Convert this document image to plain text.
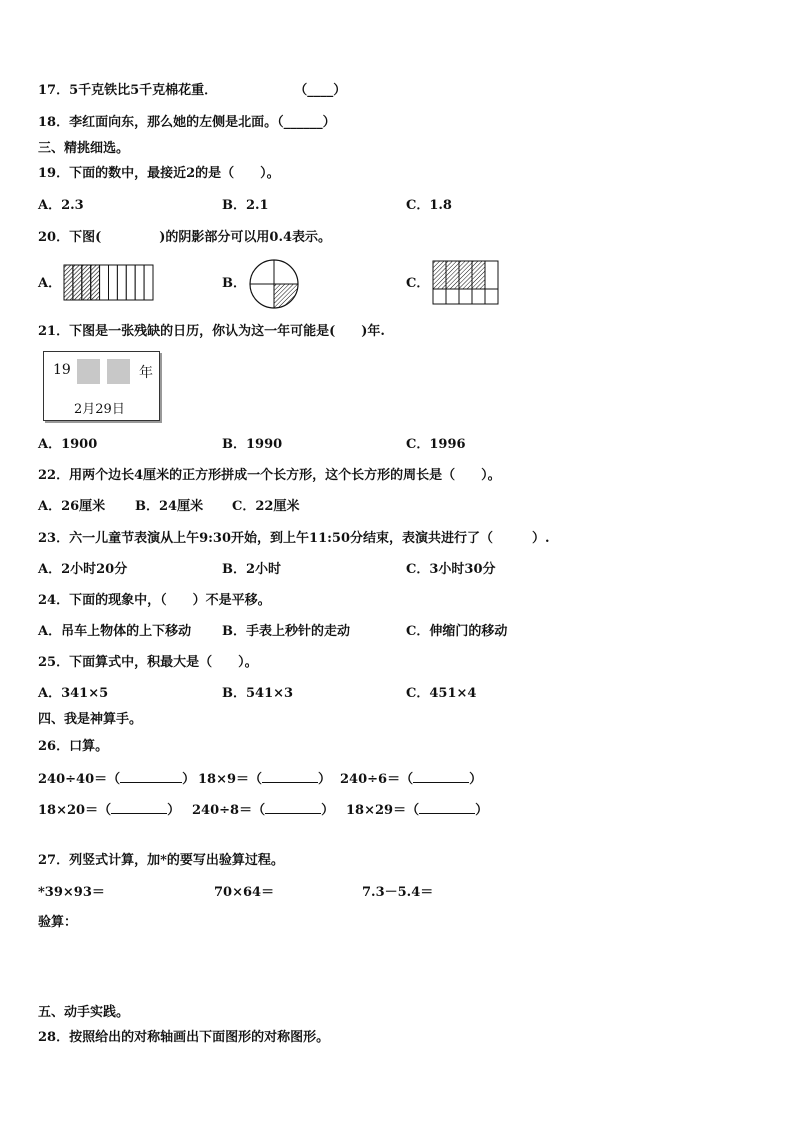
17．5千克铁比5千克棉花重．	（____）
18．李红面向东，那么她的左侧是北面。（______）
三、精挑细选。
19．下面的数中，最接近2的是（　　）。
A．2.3	B．2.1	C．1.8
20．下图(	)的阴影部分可以用0.4表示。
A．	B．	C．
21．下图是一张残缺的日历，你认为这一年可能是(　　)年.
19	年
2月29日
A．1900	B．1990	C．1996
22．用两个边长4厘米的正方形拼成一个长方形，这个长方形的周长是（　　）。
A．26厘米 B．24厘米 C．22厘米
23．六一儿童节表演从上午9:30开始，到上午11:50分结束，表演共进行了（　　　）.
A．2小时20分	B．2小时	C．3小时30分
24．下面的现象中，（　　）不是平移。
A．吊车上物体的上下移动 B．手表上秒针的走动	C．伸缩门的移动
25．下面算式中，积最大是（　　）。
A．341×5	B．541×3	C．451×4
四、我是神算手。
26．口算。
240÷40＝（	） 18×9＝（	） 240÷6＝（	）
18×20＝（	） 240÷8＝（	） 18×29＝（	）
27．列竖式计算，加*的要写出验算过程。
*39×93＝	70×64＝	7.3－5.4＝
验算：
五、动手实践。
28．按照给出的对称轴画出下面图形的对称图形。
